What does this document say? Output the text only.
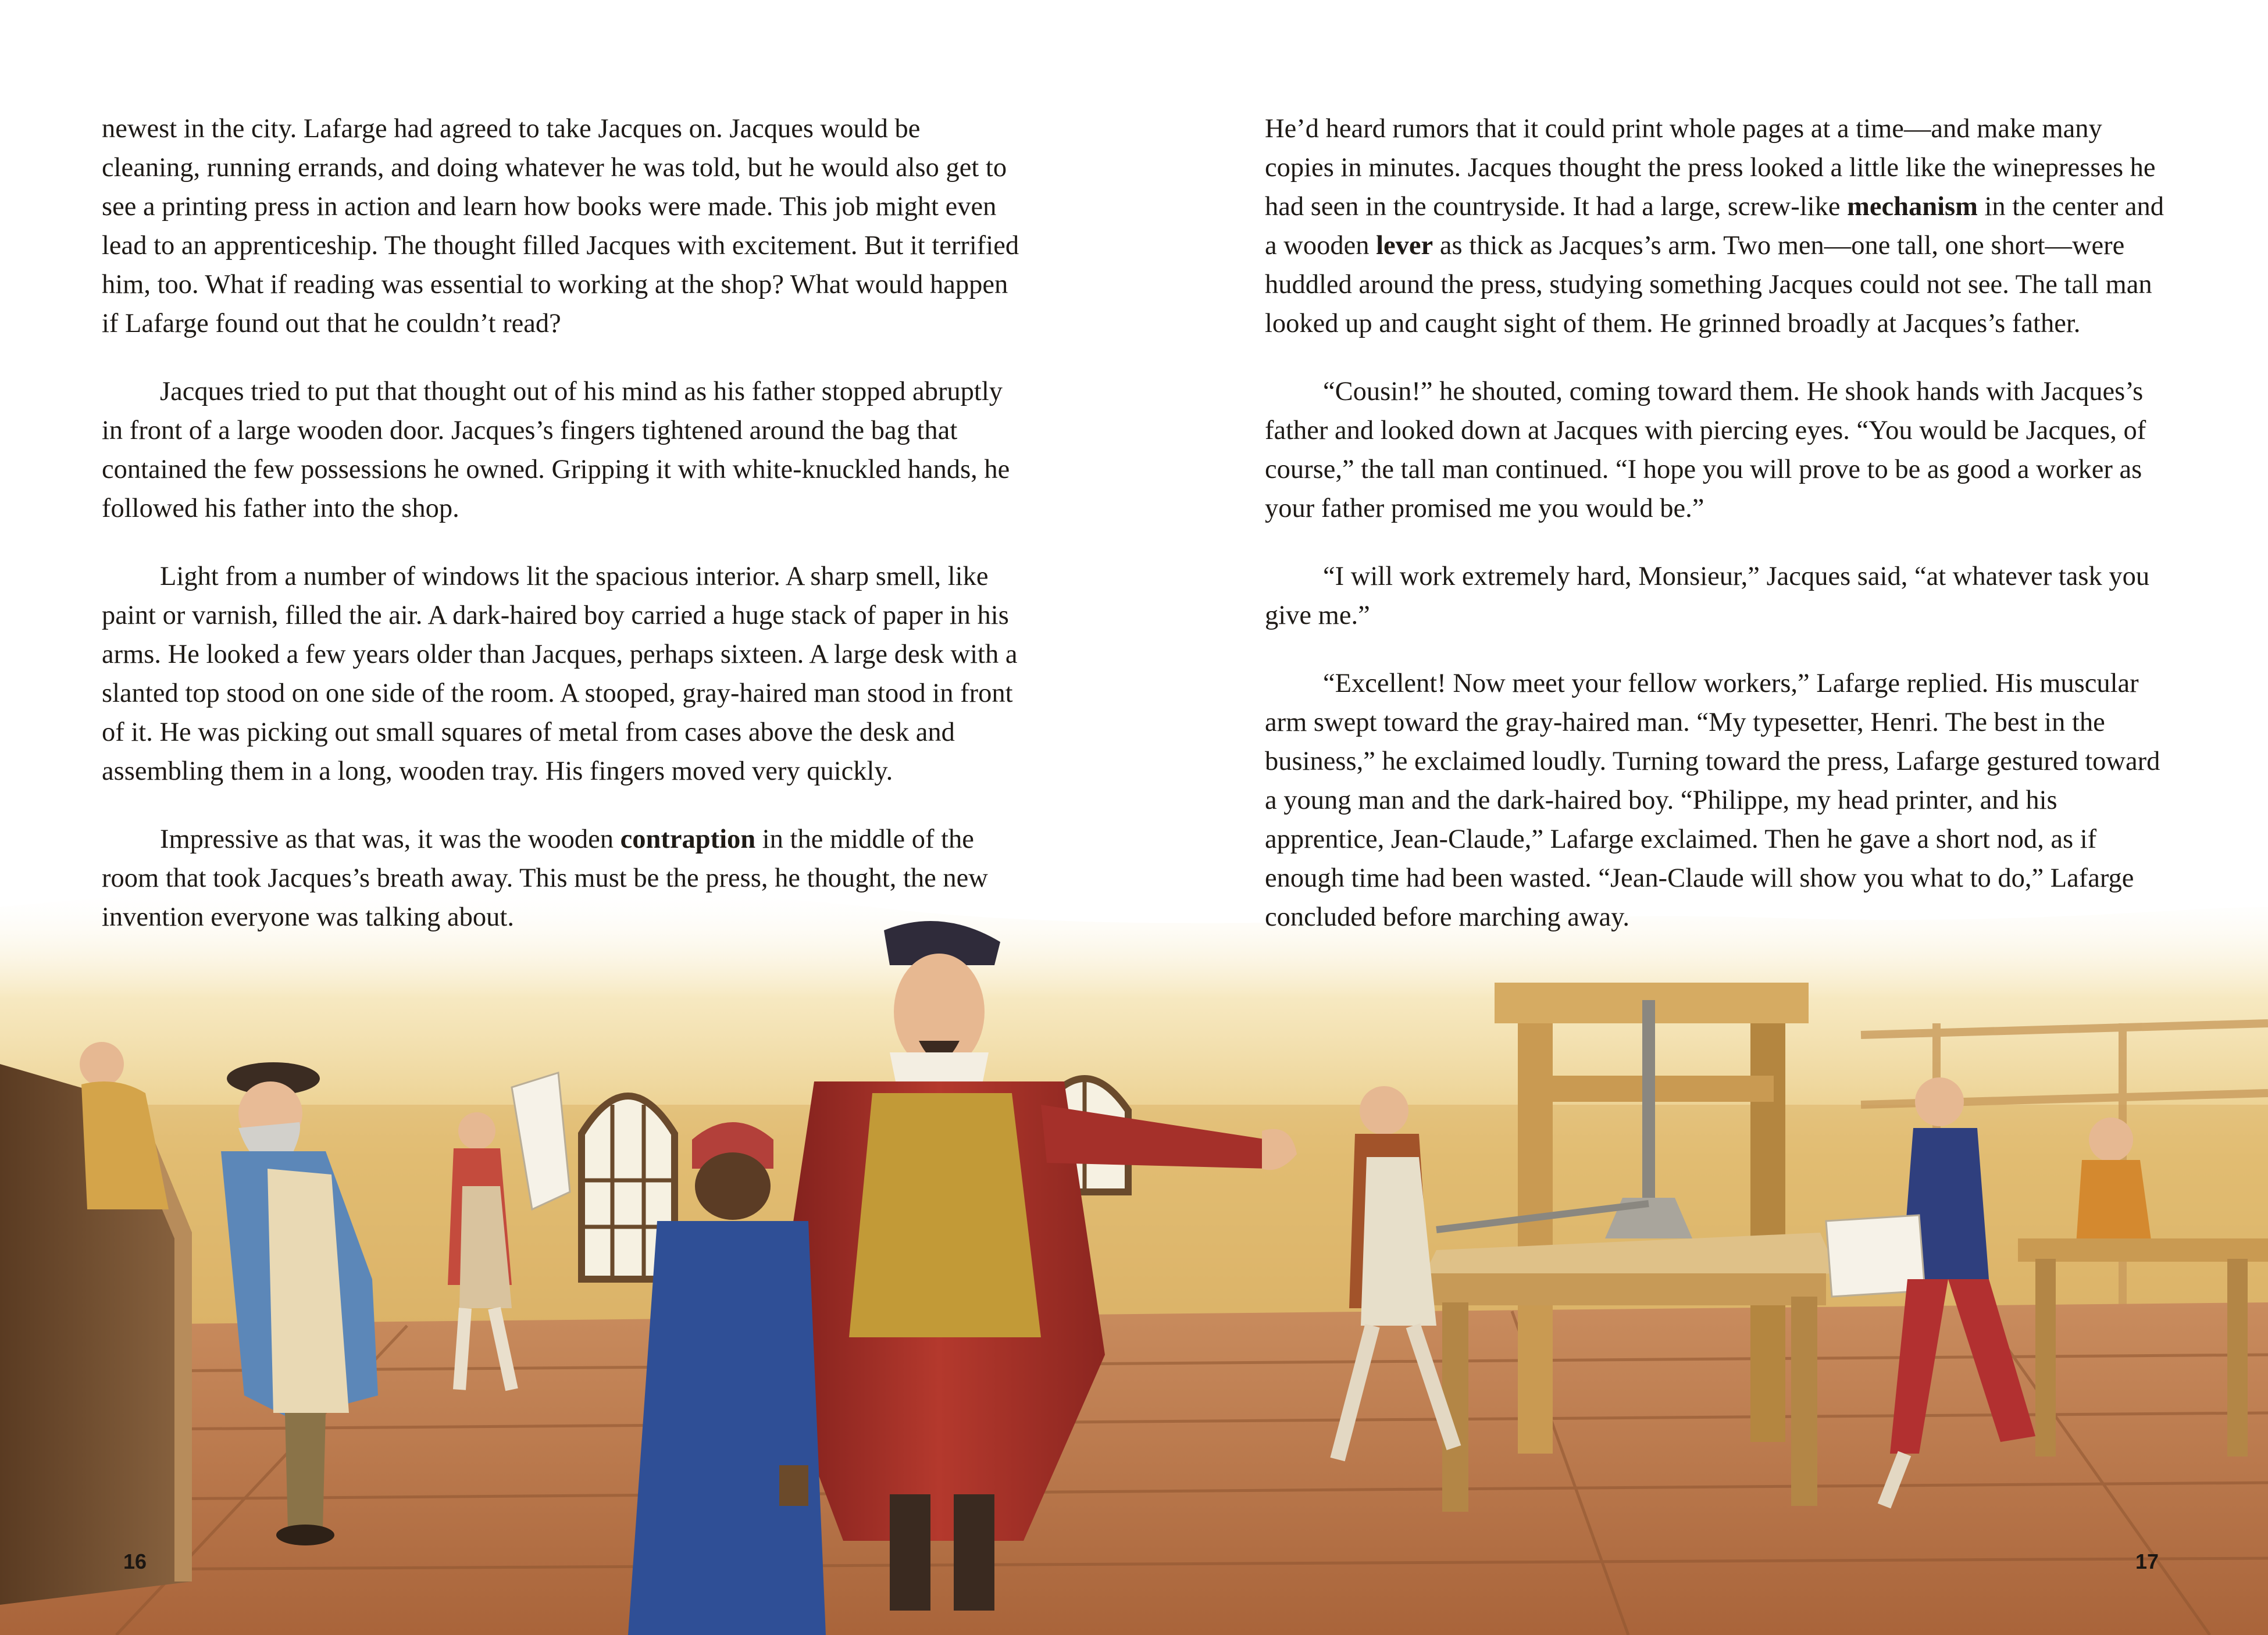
newest in the city. Lafarge had agreed to take Jacques on. Jacques would be cleaning, running errands, and doing whatever he was told, but he would also get to see a printing press in action and learn how books were made. This job might even lead to an apprenticeship. The thought filled Jacques with excitement. But it terrified him, too. What if reading was essential to working at the shop? What would happen if Lafarge found out that he couldn’t read?

Jacques tried to put that thought out of his mind as his father stopped abruptly in front of a large wooden door. Jacques’s fingers tightened around the bag that contained the few possessions he owned. Gripping it with white-knuckled hands, he followed his father into the shop.

Light from a number of windows lit the spacious interior. A sharp smell, like paint or varnish, filled the air. A dark-haired boy carried a huge stack of paper in his arms. He looked a few years older than Jacques, perhaps sixteen. A large desk with a slanted top stood on one side of the room. A stooped, gray-haired man stood in front of it. He was picking out small squares of metal from cases above the desk and assembling them in a long, wooden tray. His fingers moved very quickly.

Impressive as that was, it was the wooden contraption in the middle of the room that took Jacques’s breath away. This must be the press, he thought, the new invention everyone was talking about.

He’d heard rumors that it could print whole pages at a time—and make many copies in minutes. Jacques thought the press looked a little like the winepresses he had seen in the countryside. It had a large, screw-like mechanism in the center and a wooden lever as thick as Jacques’s arm. Two men—one tall, one short—were huddled around the press, studying something Jacques could not see. The tall man looked up and caught sight of them. He grinned broadly at Jacques’s father.

“Cousin!” he shouted, coming toward them. He shook hands with Jacques’s father and looked down at Jacques with piercing eyes. “You would be Jacques, of course,” the tall man continued. “I hope you will prove to be as good a worker as your father promised me you would be.”

“I will work extremely hard, Monsieur,” Jacques said, “at whatever task you give me.”

“Excellent! Now meet your fellow workers,” Lafarge replied. His muscular arm swept toward the gray-haired man. “My typesetter, Henri. The best in the business,” he exclaimed loudly. Turning toward the press, Lafarge gestured toward a young man and the dark-haired boy. “Philippe, my head printer, and his apprentice, Jean-Claude,” Lafarge exclaimed. Then he gave a short nod, as if enough time had been wasted. “Jean-Claude will show you what to do,” Lafarge concluded before marching away.

16	17
